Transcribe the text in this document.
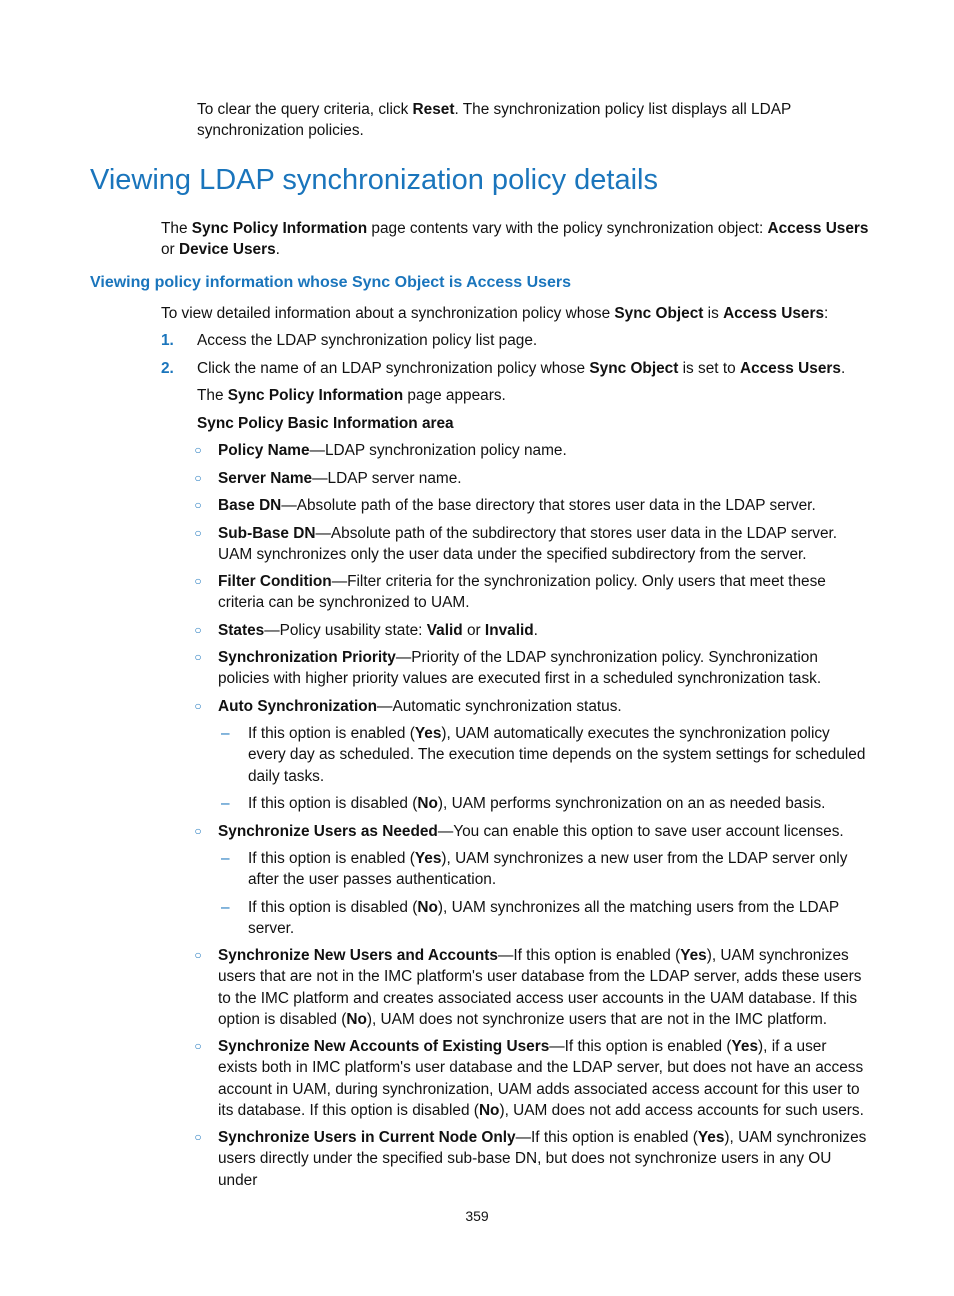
To clear the query criteria, click Reset. The synchronization policy list displays all LDAP synchronization policies.

Viewing LDAP synchronization policy details

The Sync Policy Information page contents vary with the policy synchronization object: Access Users or Device Users.

Viewing policy information whose Sync Object is Access Users

To view detailed information about a synchronization policy whose Sync Object is Access Users:

1. Access the LDAP synchronization policy list page.
2. Click the name of an LDAP synchronization policy whose Sync Object is set to Access Users.

The Sync Policy Information page appears.

Sync Policy Basic Information area

○ Policy Name—LDAP synchronization policy name.
○ Server Name—LDAP server name.
○ Base DN—Absolute path of the base directory that stores user data in the LDAP server.
○ Sub-Base DN—Absolute path of the subdirectory that stores user data in the LDAP server. UAM synchronizes only the user data under the specified subdirectory from the server.
○ Filter Condition—Filter criteria for the synchronization policy. Only users that meet these criteria can be synchronized to UAM.
○ States—Policy usability state: Valid or Invalid.
○ Synchronization Priority—Priority of the LDAP synchronization policy. Synchronization policies with higher priority values are executed first in a scheduled synchronization task.
○ Auto Synchronization—Automatic synchronization status.
– If this option is enabled (Yes), UAM automatically executes the synchronization policy every day as scheduled. The execution time depends on the system settings for scheduled daily tasks.
– If this option is disabled (No), UAM performs synchronization on an as needed basis.
○ Synchronize Users as Needed—You can enable this option to save user account licenses.
– If this option is enabled (Yes), UAM synchronizes a new user from the LDAP server only after the user passes authentication.
– If this option is disabled (No), UAM synchronizes all the matching users from the LDAP server.
○ Synchronize New Users and Accounts—If this option is enabled (Yes), UAM synchronizes users that are not in the IMC platform's user database from the LDAP server, adds these users to the IMC platform and creates associated access user accounts in the UAM database. If this option is disabled (No), UAM does not synchronize users that are not in the IMC platform.
○ Synchronize New Accounts of Existing Users—If this option is enabled (Yes), if a user exists both in IMC platform's user database and the LDAP server, but does not have an access account in UAM, during synchronization, UAM adds associated access account for this user to its database. If this option is disabled (No), UAM does not add access accounts for such users.
○ Synchronize Users in Current Node Only—If this option is enabled (Yes), UAM synchronizes users directly under the specified sub-base DN, but does not synchronize users in any OU under
359
